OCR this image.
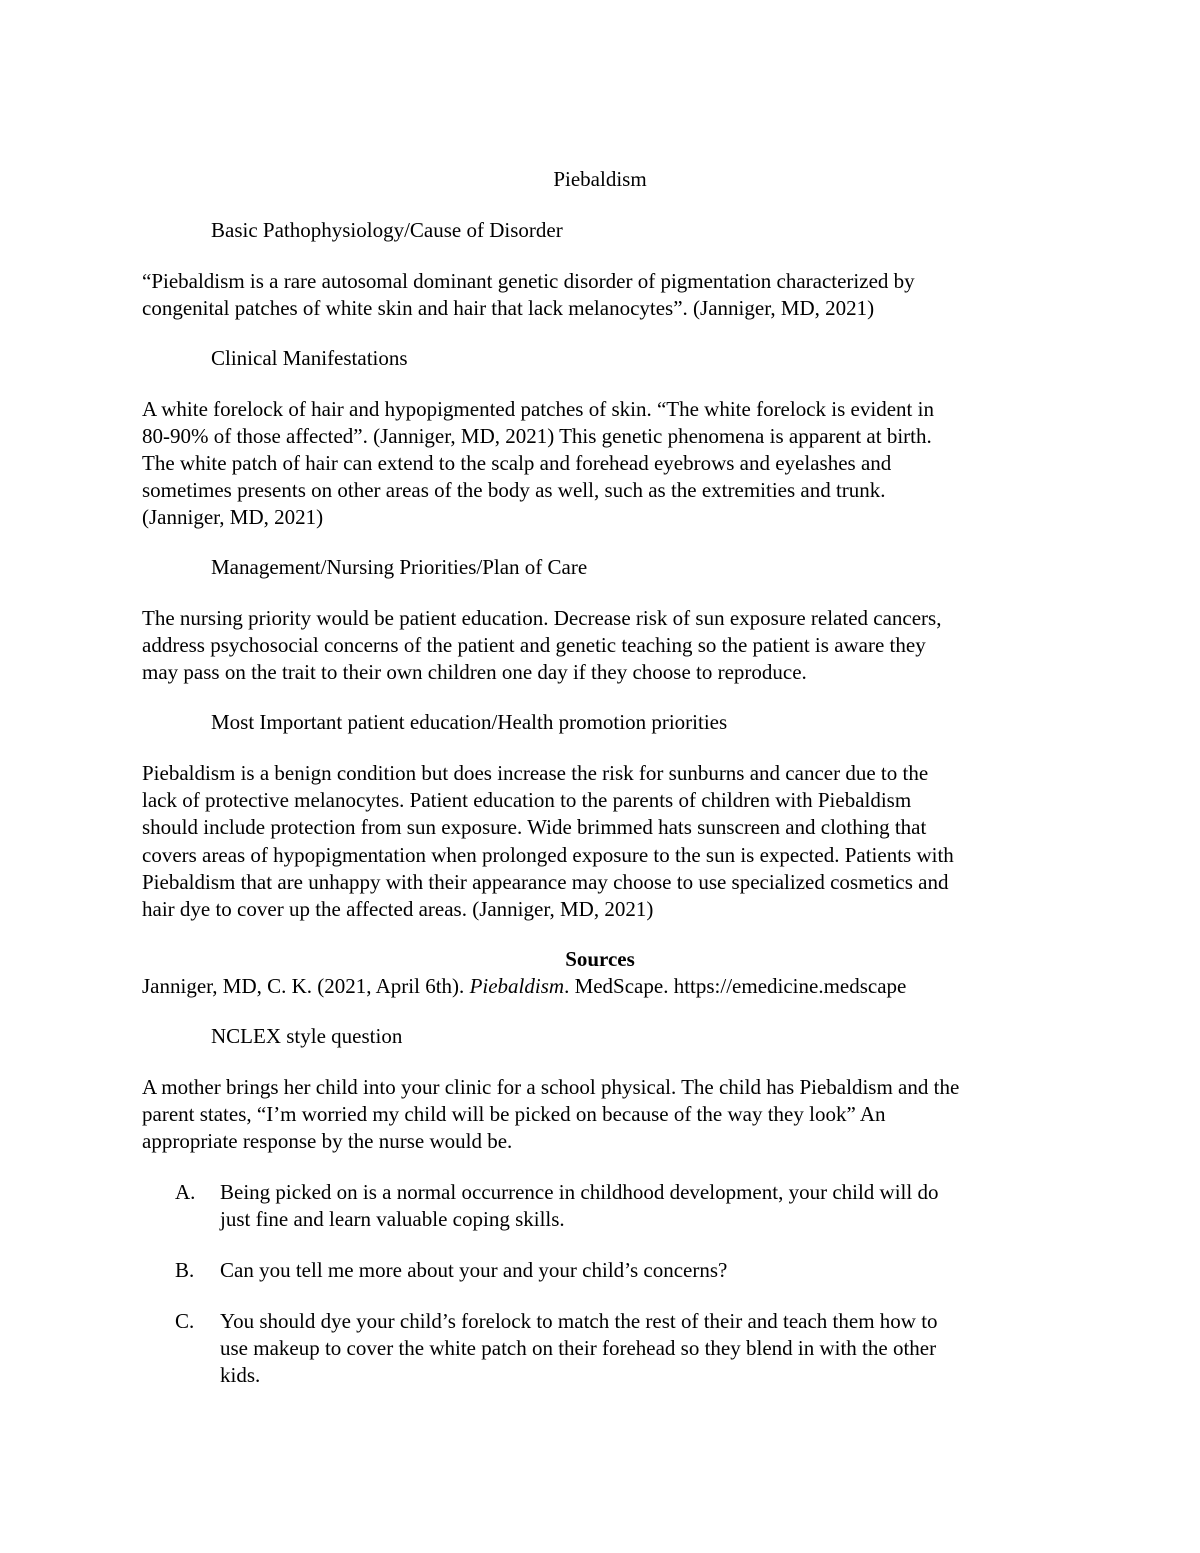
Piebaldism

Basic Pathophysiology/Cause of Disorder

“Piebaldism is a rare autosomal dominant genetic disorder of pigmentation characterized by

congenital patches of white skin and hair that lack melanocytes”. (Janniger, MD, 2021)

Clinical Manifestations

A white forelock of hair and hypopigmented patches of skin. “The white forelock is evident in

80-90% of those affected”. (Janniger, MD, 2021) This genetic phenomena is apparent at birth.

The white patch of hair can extend to the scalp and forehead eyebrows and eyelashes and

sometimes presents on other areas of the body as well, such as the extremities and trunk.

(Janniger, MD, 2021)

Management/Nursing Priorities/Plan of Care

The nursing priority would be patient education. Decrease risk of sun exposure related cancers,

address psychosocial concerns of the patient and genetic teaching so the patient is aware they

may pass on the trait to their own children one day if they choose to reproduce.

Most Important patient education/Health promotion priorities

Piebaldism is a benign condition but does increase the risk for sunburns and cancer due to the

lack of protective melanocytes. Patient education to the parents of children with Piebaldism

should include protection from sun exposure. Wide brimmed hats sunscreen and clothing that

covers areas of hypopigmentation when prolonged exposure to the sun is expected. Patients with

Piebaldism that are unhappy with their appearance may choose to use specialized cosmetics and

hair dye to cover up the affected areas. (Janniger, MD, 2021)

Sources

Janniger, MD, C. K. (2021, April 6th). Piebaldism. MedScape. https://emedicine.medscape

NCLEX style question

A mother brings her child into your clinic for a school physical. The child has Piebaldism and the

parent states, “I’m worried my child will be picked on because of the way they look” An

appropriate response by the nurse would be.

A. Being picked on is a normal occurrence in childhood development, your child will do

just fine and learn valuable coping skills.

B. Can you tell me more about your and your child’s concerns?

C. You should dye your child’s forelock to match the rest of their and teach them how to

use makeup to cover the white patch on their forehead so they blend in with the other

kids.
